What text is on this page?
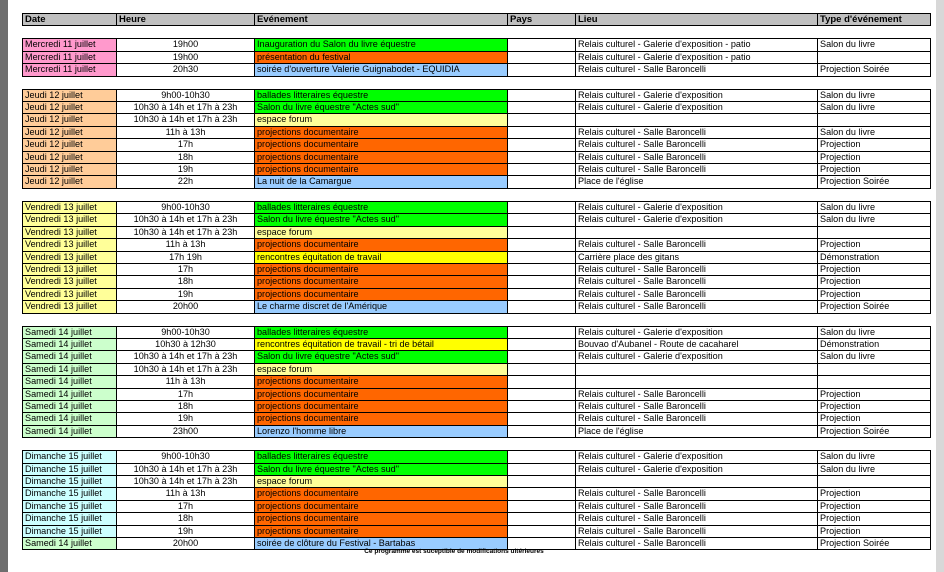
Date	Heure	Evénement	Pays	Lieu	Type d'événement

Mercredi 11 juillet	19h00	Inauguration du Salon du livre équestre		Relais culturel - Galerie d'exposition - patio	Salon du livre
Mercredi 11 juillet	19h00	présentation du festival		Relais culturel - Galerie d'exposition - patio	
Mercredi 11 juillet	20h30	soirée d'ouverture Valerie Guignabodet - EQUIDIA		Relais culturel - Salle Baroncelli	Projection Soirée

Jeudi 12 juillet	9h00-10h30	ballades litteraires équestre		Relais culturel - Galerie d'exposition	Salon du livre
Jeudi 12 juillet	10h30 à 14h et 17h à 23h	Salon du livre équestre "Actes sud"		Relais culturel - Galerie d'exposition	Salon du livre
Jeudi 12 juillet	10h30 à 14h et 17h à 23h	espace forum			
Jeudi 12 juillet	11h à 13h	projections documentaire		Relais culturel - Salle Baroncelli	Salon du livre
Jeudi 12 juillet	17h	projections documentaire		Relais culturel - Salle Baroncelli	Projection
Jeudi 12 juillet	18h	projections documentaire		Relais culturel - Salle Baroncelli	Projection
Jeudi 12 juillet	19h	projections documentaire		Relais culturel - Salle Baroncelli	Projection
Jeudi 12 juillet	22h	La nuit de la Camargue		Place de l'église	Projection Soirée

Vendredi 13 juillet	9h00-10h30	ballades litteraires équestre		Relais culturel - Galerie d'exposition	Salon du livre
Vendredi 13 juillet	10h30 à 14h et 17h à 23h	Salon du livre équestre "Actes sud"		Relais culturel - Galerie d'exposition	Salon du livre
Vendredi 13 juillet	10h30 à 14h et 17h à 23h	espace forum			
Vendredi 13 juillet	11h à 13h	projections documentaire		Relais culturel - Salle Baroncelli	Projection
Vendredi 13 juillet	17h 19h	rencontres équitation de travail		Carrière place des gitans	Démonstration
Vendredi 13 juillet	17h	projections documentaire		Relais culturel - Salle Baroncelli	Projection
Vendredi 13 juillet	18h	projections documentaire		Relais culturel - Salle Baroncelli	Projection
Vendredi 13 juillet	19h	projections documentaire		Relais culturel - Salle Baroncelli	Projection
Vendredi 13 juillet	20h00	Le charme discret de l'Amérique		Relais culturel - Salle Baroncelli	Projection Soirée

Samedi 14 juillet	9h00-10h30	ballades litteraires équestre		Relais culturel - Galerie d'exposition	Salon du livre
Samedi 14 juillet	10h30 à 12h30	rencontres équitation de travail - tri de bétail		Bouvao d'Aubanel - Route de cacaharel	Démonstration
Samedi 14 juillet	10h30 à 14h et 17h à 23h	Salon du livre équestre "Actes sud"		Relais culturel - Galerie d'exposition	Salon du livre
Samedi 14 juillet	10h30 à 14h et 17h à 23h	espace forum			
Samedi 14 juillet	11h à 13h	projections documentaire			
Samedi 14 juillet	17h	projections documentaire		Relais culturel - Salle Baroncelli	Projection
Samedi 14 juillet	18h	projections documentaire		Relais culturel - Salle Baroncelli	Projection
Samedi 14 juillet	19h	projections documentaire		Relais culturel - Salle Baroncelli	Projection
Samedi 14 juillet	23h00	Lorenzo l'homme libre		Place de l'église	Projection Soirée

Dimanche 15 juillet	9h00-10h30	ballades litteraires équestre		Relais culturel - Galerie d'exposition	Salon du livre
Dimanche 15 juillet	10h30 à 14h et 17h à 23h	Salon du livre équestre "Actes sud"		Relais culturel - Galerie d'exposition	Salon du livre
Dimanche 15 juillet	10h30 à 14h et 17h à 23h	espace forum			
Dimanche 15 juillet	11h à 13h	projections documentaire		Relais culturel - Salle Baroncelli	Projection
Dimanche 15 juillet	17h	projections documentaire		Relais culturel - Salle Baroncelli	Projection
Dimanche 15 juillet	18h	projections documentaire		Relais culturel - Salle Baroncelli	Projection
Dimanche 15 juillet	19h	projections documentaire		Relais culturel - Salle Baroncelli	Projection
Samedi 14 juillet	20h00	soirée de clôture du Festival - Bartabas		Relais culturel - Salle Baroncelli	Projection Soirée
Ce programme est suceptible de modifications ultérieures
